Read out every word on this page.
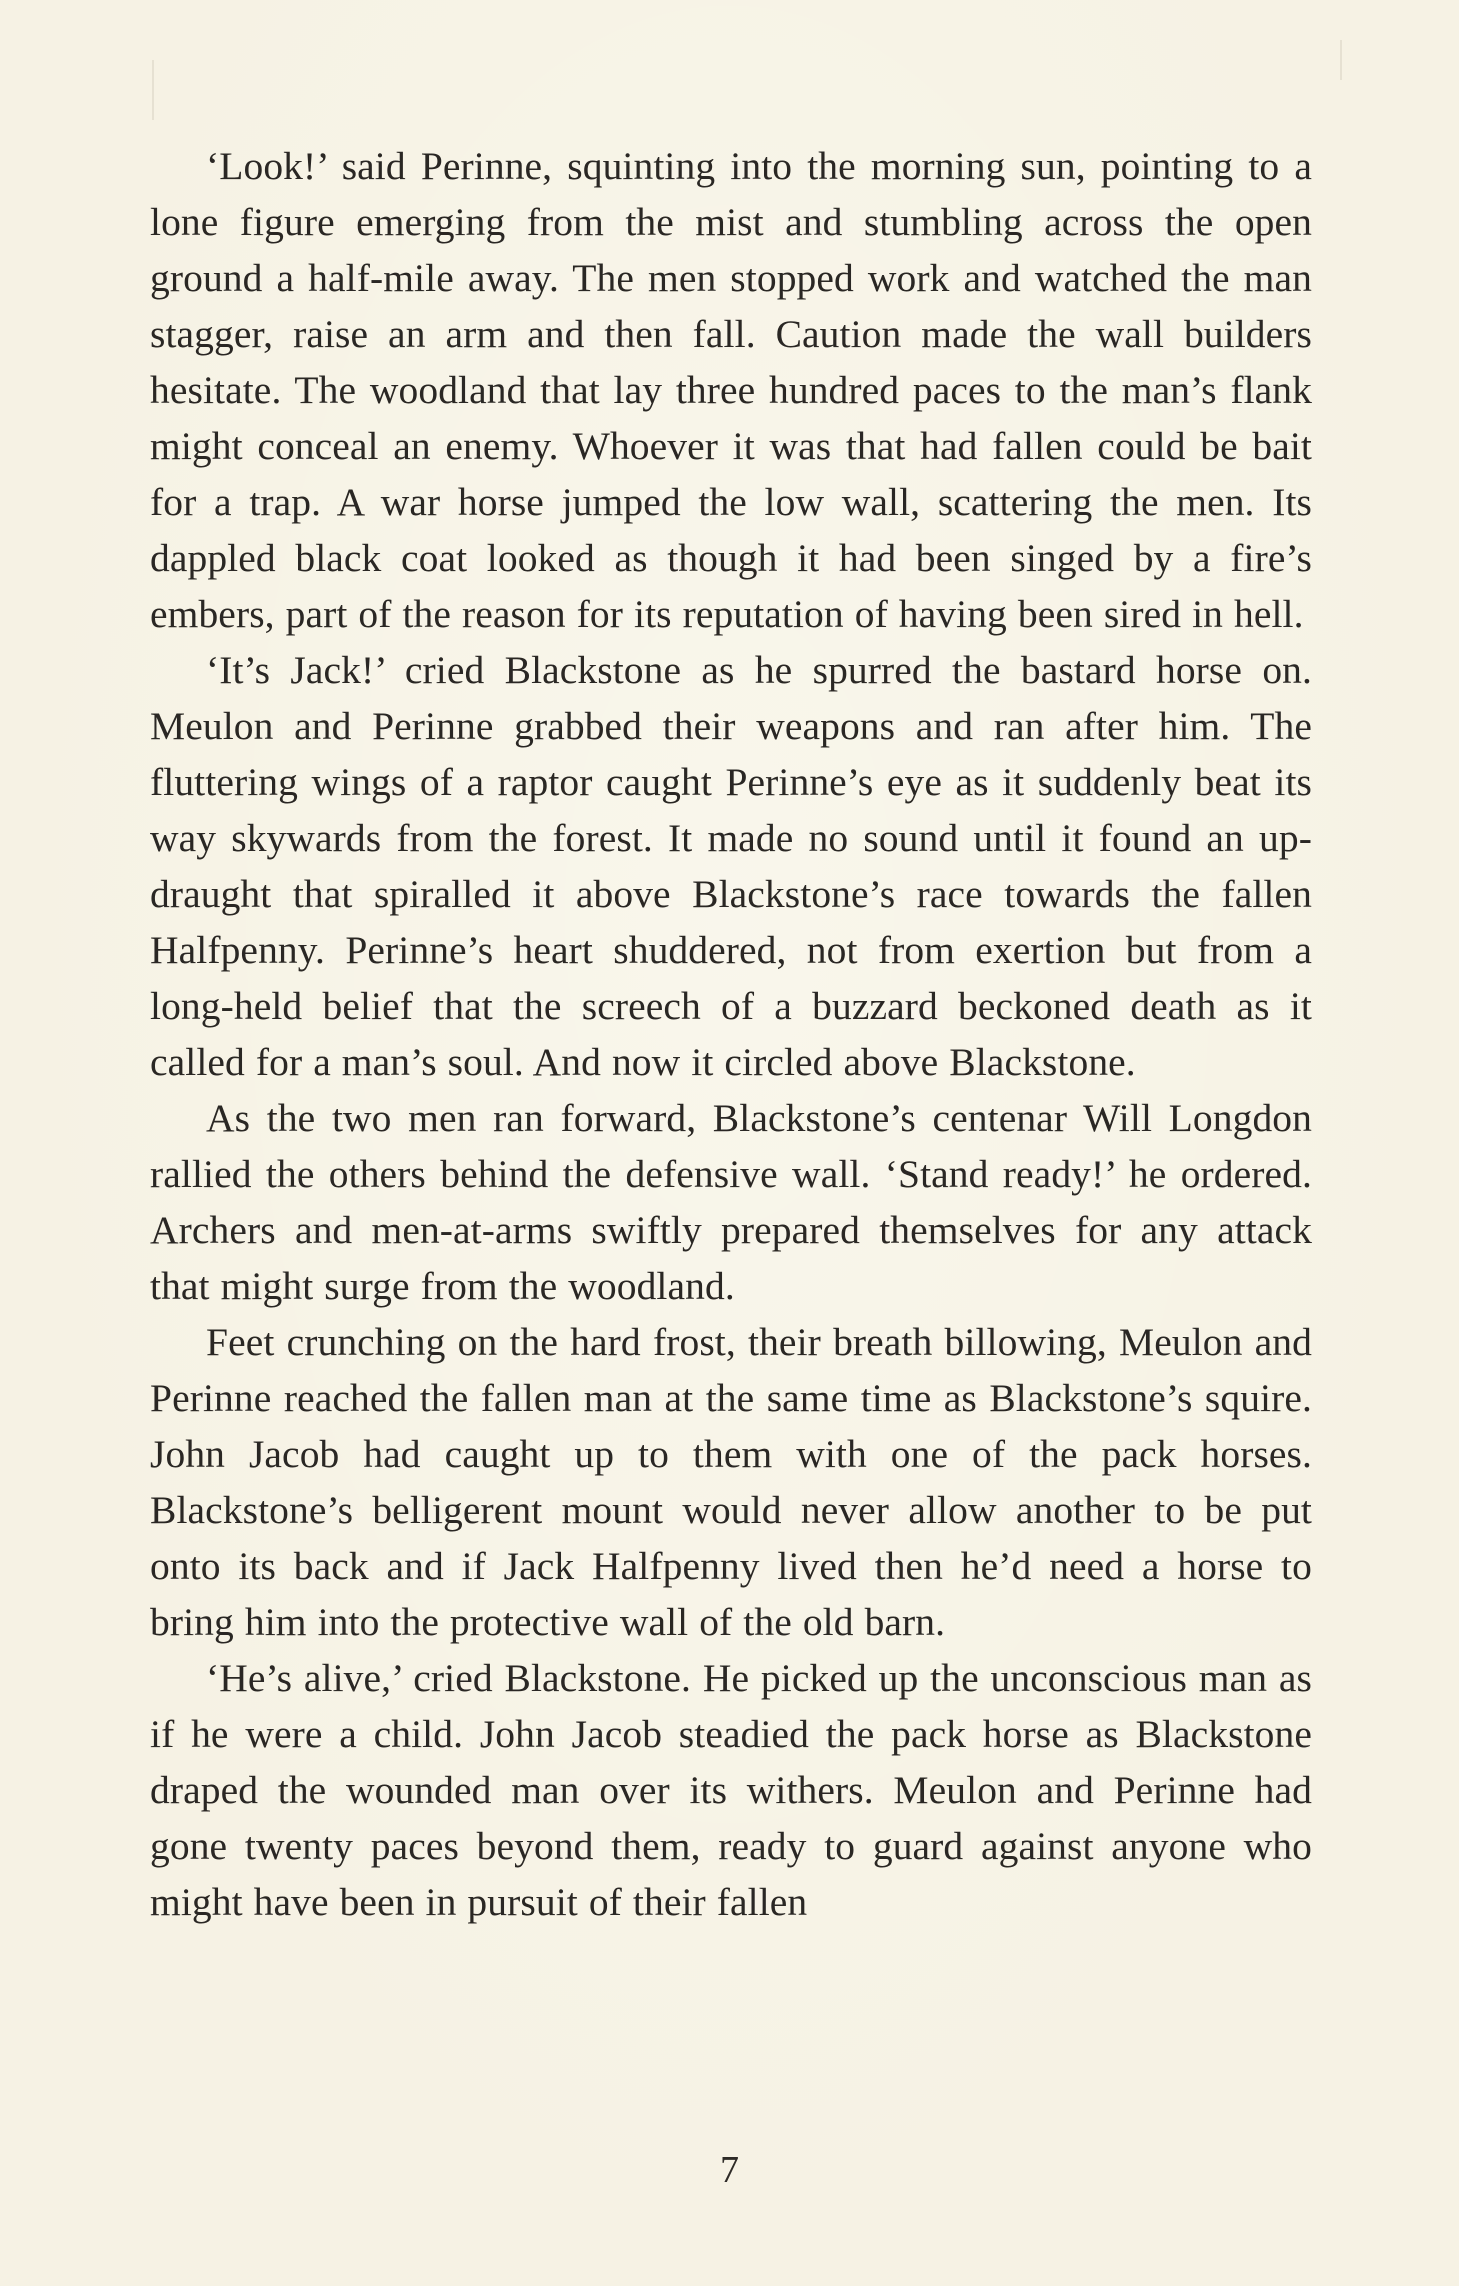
‘Look!’ said Perinne, squinting into the morning sun, pointing to a lone figure emerging from the mist and stumbling across the open ground a half-mile away. The men stopped work and watched the man stagger, raise an arm and then fall. Caution made the wall builders hesitate. The woodland that lay three hundred paces to the man’s flank might conceal an enemy. Whoever it was that had fallen could be bait for a trap. A war horse jumped the low wall, scattering the men. Its dappled black coat looked as though it had been singed by a fire’s embers, part of the reason for its reputation of having been sired in hell.

‘It’s Jack!’ cried Blackstone as he spurred the bastard horse on. Meulon and Perinne grabbed their weapons and ran after him. The fluttering wings of a raptor caught Perinne’s eye as it suddenly beat its way skywards from the forest. It made no sound until it found an up-draught that spiralled it above Blackstone’s race towards the fallen Halfpenny. Perinne’s heart shuddered, not from exertion but from a long-held belief that the screech of a buzzard beckoned death as it called for a man’s soul. And now it circled above Blackstone.

As the two men ran forward, Blackstone’s centenar Will Longdon rallied the others behind the defensive wall. ‘Stand ready!’ he ordered. Archers and men-at-arms swiftly prepared themselves for any attack that might surge from the woodland.

Feet crunching on the hard frost, their breath billowing, Meulon and Perinne reached the fallen man at the same time as Blackstone’s squire. John Jacob had caught up to them with one of the pack horses. Blackstone’s belligerent mount would never allow another to be put onto its back and if Jack Halfpenny lived then he’d need a horse to bring him into the protective wall of the old barn.

‘He’s alive,’ cried Blackstone. He picked up the unconscious man as if he were a child. John Jacob steadied the pack horse as Blackstone draped the wounded man over its withers. Meulon and Perinne had gone twenty paces beyond them, ready to guard against anyone who might have been in pursuit of their fallen

7
